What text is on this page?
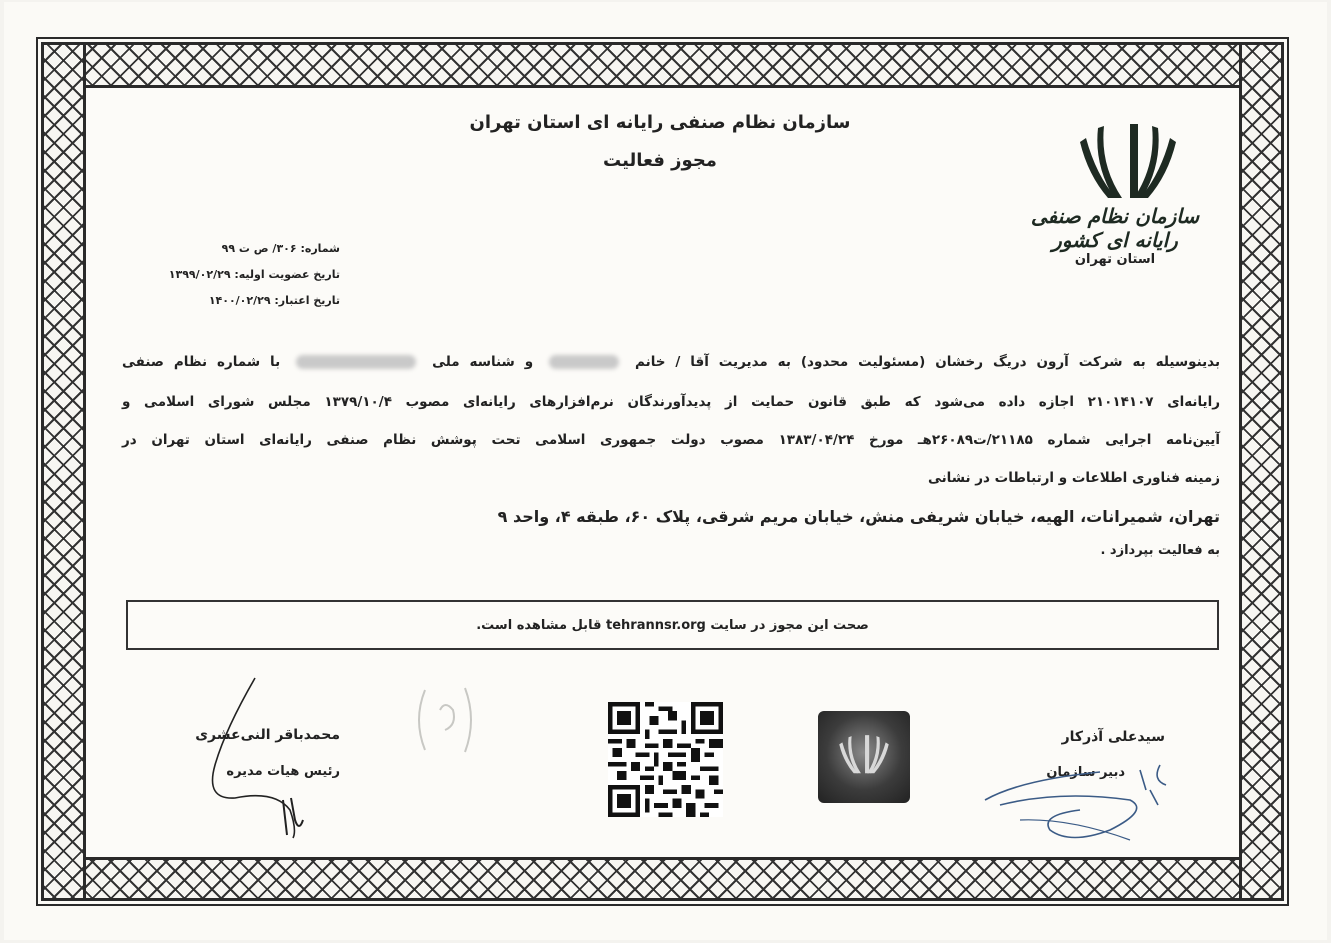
سازمان نظام صنفی رایانه ای استان تهران
مجوز فعالیت
سازمان نظام صنفی رایانه ای کشور
استان تهران
شماره: ۳۰۶/ ص ت ۹۹
تاریخ عضویت اولیه: ۱۳۹۹/۰۲/۲۹
تاریخ اعتبار: ۱۴۰۰/۰۲/۲۹
بدینوسیله به شرکت آرون دریگ رخشان (مسئولیت محدود) به مدیریت آقا / خانم  و شناسه ملی  با شماره نظام صنفی
رایانه‌ای ۲۱۰۱۴۱۰۷ اجازه داده می‌شود که طبق قانون حمایت از پدیدآورندگان نرم‌افزارهای رایانه‌ای مصوب ۱۳۷۹/۱۰/۴ مجلس شورای اسلامی و
آیین‌نامه اجرایی شماره ۲۱۱۸۵/ت۲۶۰۸۹هـ مورخ ۱۳۸۳/۰۴/۲۴ مصوب دولت جمهوری اسلامی تحت پوشش نظام صنفی رایانه‌ای استان تهران در
زمینه فناوری اطلاعات و ارتباطات در نشانی
تهران، شمیرانات، الهیه، خیابان شریفی منش، خیابان مریم شرقی، پلاک ۶۰، طبقه ۴، واحد ۹
به فعالیت بپردازد .
صحت این مجوز در سایت

tehrannsr.org

قابل مشاهده است.
محمدباقر النی‌عشری
رئیس هیات مدیره
سیدعلی آذرکار
دبیر سازمان
